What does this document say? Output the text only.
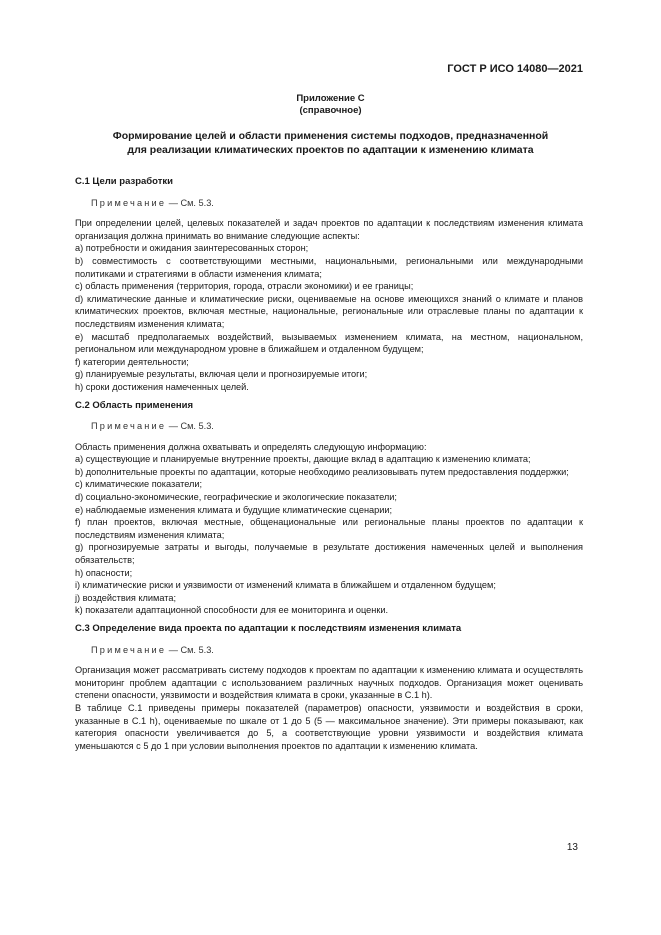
ГОСТ Р ИСО 14080—2021
Приложение С
(справочное)
Формирование целей и области применения системы подходов, предназначенной
для реализации климатических проектов по адаптации к изменению климата
С.1 Цели разработки
Примечание — См. 5.3.

При определении целей, целевых показателей и задач проектов по адаптации к последствиям изменения климата организация должна принимать во внимание следующие аспекты:

a) потребности и ожидания заинтересованных сторон;

b) совместимость с соответствующими местными, национальными, региональными или международными политиками и стратегиями в области изменения климата;

c) область применения (территория, города, отрасли экономики) и ее границы;

d) климатические данные и климатические риски, оцениваемые на основе имеющихся знаний о климате и планов климатических проектов, включая местные, национальные, региональные или отраслевые планы по адаптации к последствиям изменения климата;

e) масштаб предполагаемых воздействий, вызываемых изменением климата, на местном, национальном, региональном или международном уровне в ближайшем и отдаленном будущем;

f) категории деятельности;

g) планируемые результаты, включая цели и прогнозируемые итоги;

h) сроки достижения намеченных целей.

С.2 Область применения
Примечание — См. 5.3.

Область применения должна охватывать и определять следующую информацию:

a) существующие и планируемые внутренние проекты, дающие вклад в адаптацию к изменению климата;

b) дополнительные проекты по адаптации, которые необходимо реализовывать путем предоставления поддержки;

c) климатические показатели;

d) социально-экономические, географические и экологические показатели;

e) наблюдаемые изменения климата и будущие климатические сценарии;

f) план проектов, включая местные, общенациональные или региональные планы проектов по адаптации к последствиям изменения климата;

g) прогнозируемые затраты и выгоды, получаемые в результате достижения намеченных целей и выполнения обязательств;

h) опасности;

i) климатические риски и уязвимости от изменений климата в ближайшем и отдаленном будущем;

j) воздействия климата;

k) показатели адаптационной способности для ее мониторинга и оценки.

С.3 Определение вида проекта по адаптации к последствиям изменения климата
Примечание — См. 5.3.

Организация может рассматривать систему подходов к проектам по адаптации к изменению климата и осуществлять мониторинг проблем адаптации с использованием различных научных подходов. Организация может оценивать степени опасности, уязвимости и воздействия климата в сроки, указанные в С.1 h).

В таблице С.1 приведены примеры показателей (параметров) опасности, уязвимости и воздействия в сроки, указанные в С.1 h), оцениваемые по шкале от 1 до 5 (5 — максимальное значение). Эти примеры показывают, как категория опасности увеличивается до 5, а соответствующие уровни уязвимости и воздействия климата уменьшаются с 5 до 1 при условии выполнения проектов по адаптации к изменению климата.

13
